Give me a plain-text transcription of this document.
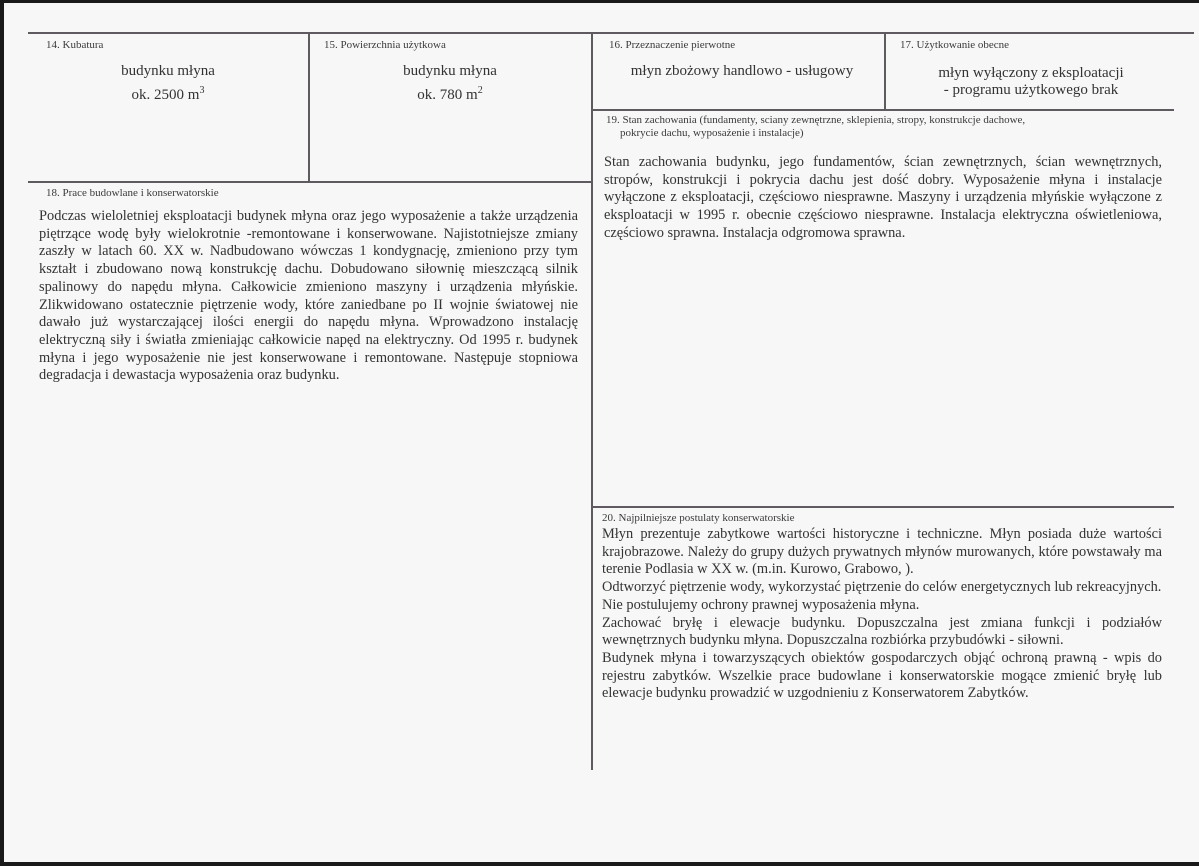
14. Kubatura
budynku młyna
ok. 2500 $m^3$
15. Powierzchnia użytkowa
budynku młyna
ok. 780 $m^2$
16. Przeznaczenie pierwotne
młyn zbożowy handlowo - usługowy
17. Użytkowanie obecne
młyn wyłączony z eksploatacji
- programu użytkowego brak
19. Stan zachowania (fundamenty, sciany zewnętrzne, sklepienia, stropy, konstrukcje dachowe,
pokrycie dachu, wyposażenie i instalacje)

Stan zachowania budynku, jego fundamentów, ścian zewnętrznych, ścian wewnętrznych, stropów, konstrukcji i pokrycia dachu jest dość dobry. Wyposażenie młyna i instalacje wyłączone z eksploatacji, częściowo niesprawne. Maszyny i urządzenia młyńskie wyłączone z eksploatacji w 1995 r. obecnie częściowo niesprawne. Instalacja elektryczna oświetleniowa, częściowo sprawna. Instalacja odgromowa sprawna.

18. Prace budowlane i konserwatorskie

Podczas wieloletniej eksploatacji budynek młyna oraz jego wyposażenie a także urządzenia piętrzące wodę były wielokrotnie -remontowane i konserwowane. Najistotniejsze zmiany zaszły w latach 60. XX w. Nadbudowano wówczas 1 kondygnację, zmieniono przy tym kształt i zbudowano nową konstrukcję dachu. Dobudowano siłownię mieszczącą silnik spalinowy do napędu młyna. Całkowicie zmieniono maszyny i urządzenia młyńskie. Zlikwidowano ostatecznie piętrzenie wody, które zaniedbane po II wojnie światowej nie dawało już wystarczającej ilości energii do napędu młyna. Wprowadzono instalację elektryczną siły i światła zmieniając całkowicie napęd na elektryczny. Od 1995 r. budynek młyna i jego wyposażenie nie jest konserwowane i remontowane. Następuje stopniowa degradacja i dewastacja wyposażenia oraz budynku.

20. Najpilniejsze postulaty konserwatorskie

Młyn prezentuje zabytkowe wartości historyczne i techniczne. Młyn posiada duże wartości krajobrazowe. Należy do grupy dużych prywatnych młynów murowanych, które powstawały ma terenie Podlasia w XX w. (m.in. Kurowo, Grabowo, ).

Odtworzyć piętrzenie wody, wykorzystać piętrzenie do celów energetycznych lub rekreacyjnych.

Nie postulujemy ochrony prawnej wyposażenia młyna.

Zachować bryłę i elewacje budynku. Dopuszczalna jest zmiana funkcji i podziałów wewnętrznych budynku młyna. Dopuszczalna rozbiórka przybudówki - siłowni.

Budynek młyna i towarzyszących obiektów gospodarczych objąć ochroną prawną - wpis do rejestru zabytków. Wszelkie prace budowlane i konserwatorskie mogące zmienić bryłę lub elewacje budynku prowadzić w uzgodnieniu z Konserwatorem Zabytków.
